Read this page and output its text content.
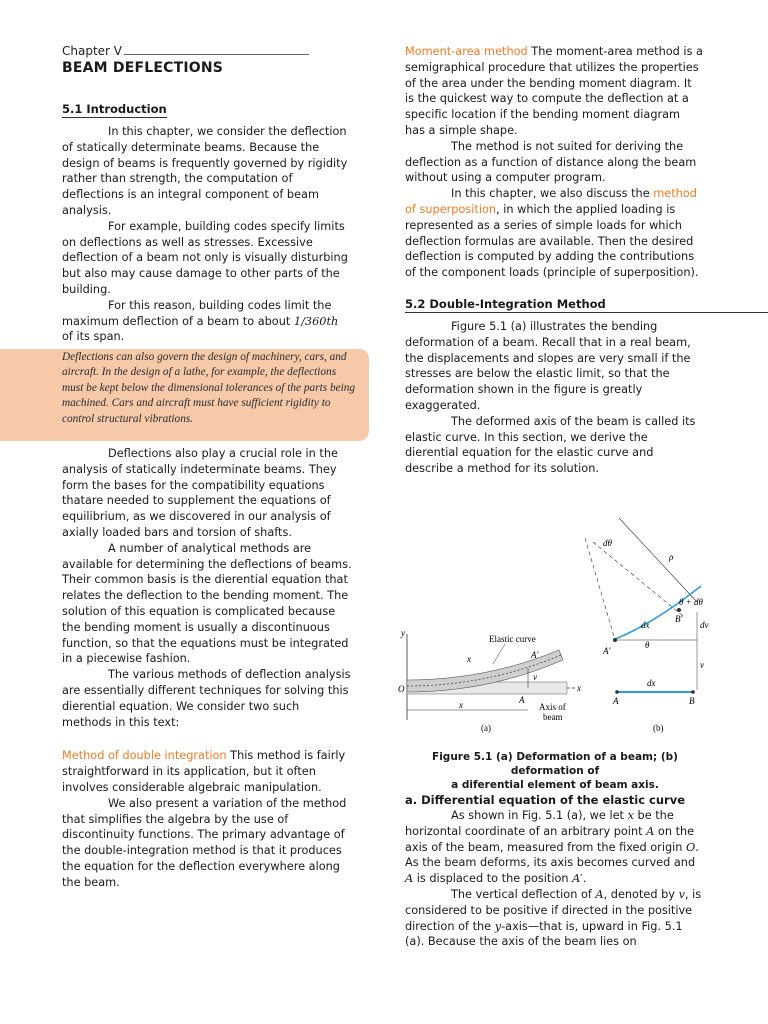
Chapter V
BEAM DEFLECTIONS
5.1 Introduction

In this chapter, we consider the deflection of statically determinate beams. Because the design of beams is frequently governed by rigidity rather than strength, the computation of deflections is an integral component of beam analysis.

For example, building codes specify limits on deflections as well as stresses. Excessive deflection of a beam not only is visually disturbing but also may cause damage to other parts of the building.

For this reason, building codes limit the maximum deflection of a beam to about 1/360th of its span.

Deflections can also govern the design of machinery, cars, and aircraft. In the design of a lathe, for example, the deflections must be kept below the dimensional tolerances of the parts being machined. Cars and aircraft must have sufficient rigidity to control structural vibrations.

Deflections also play a crucial role in the analysis of statically indeterminate beams. They form the bases for the compatibility equations thatare needed to supplement the equations of equilibrium, as we discovered in our analysis of axially loaded bars and torsion of shafts.

A number of analytical methods are available for determining the deflections of beams. Their common basis is the dierential equation that relates the deflection to the bending moment. The solution of this equation is complicated because the bending moment is usually a discontinuous function, so that the equations must be integrated in a piecewise fashion.

The various methods of deflection analysis are essentially different techniques for solving this dierential equation. We consider two such methods in this text:

Method of double integration This method is fairly straightforward in its application, but it often involves considerable algebraic manipulation.

We also present a variation of the method that simplifies the algebra by the use of discontinuity functions. The primary advantage of the double-integration method is that it produces the equation for the deflection everywhere along the beam.

Moment-area method The moment-area method is a semigraphical procedure that utilizes the properties of the area under the bending moment diagram. It is the quickest way to compute the deflection at a specific location if the bending moment diagram has a simple shape.

The method is not suited for deriving the deflection as a function of distance along the beam without using a computer program.

In this chapter, we also discuss the method of superposition, in which the applied loading is represented as a series of simple loads for which deflection formulas are available. Then the desired deflection is computed by adding the contributions of the component loads (principle of superposition).

5.2 Double-Integration Method

Figure 5.1 (a) illustrates the bending deformation of a beam. Recall that in a real beam, the displacements and slopes are very small if the stresses are below the elastic limit, so that the deformation shown in the figure is greatly exaggerated.

The deformed axis of the beam is called its elastic curve. In this section, we derive the dierential equation for the elastic curve and describe a method for its solution.

y
x
O
Elastic curve
A′
v
A
x
x	Axis of
beam
(a)
dθ
ρ
θ + dθ
dx
B′
dv
θ
A′
v
dx
A	B
(b)
Figure 5.1 (a) Deformation of a beam; (b) deformation of
a diferential element of beam axis.
a. Differential equation of the elastic curve

As shown in Fig. 5.1 (a), we let x be the horizontal coordinate of an arbitrary point A on the axis of the beam, measured from the fixed origin O. As the beam deforms, its axis becomes curved and A is displaced to the position A′.

The vertical deflection of A, denoted by v, is considered to be positive if directed in the positive direction of the y-axis—that is, upward in Fig. 5.1 (a). Because the axis of the beam lies on
